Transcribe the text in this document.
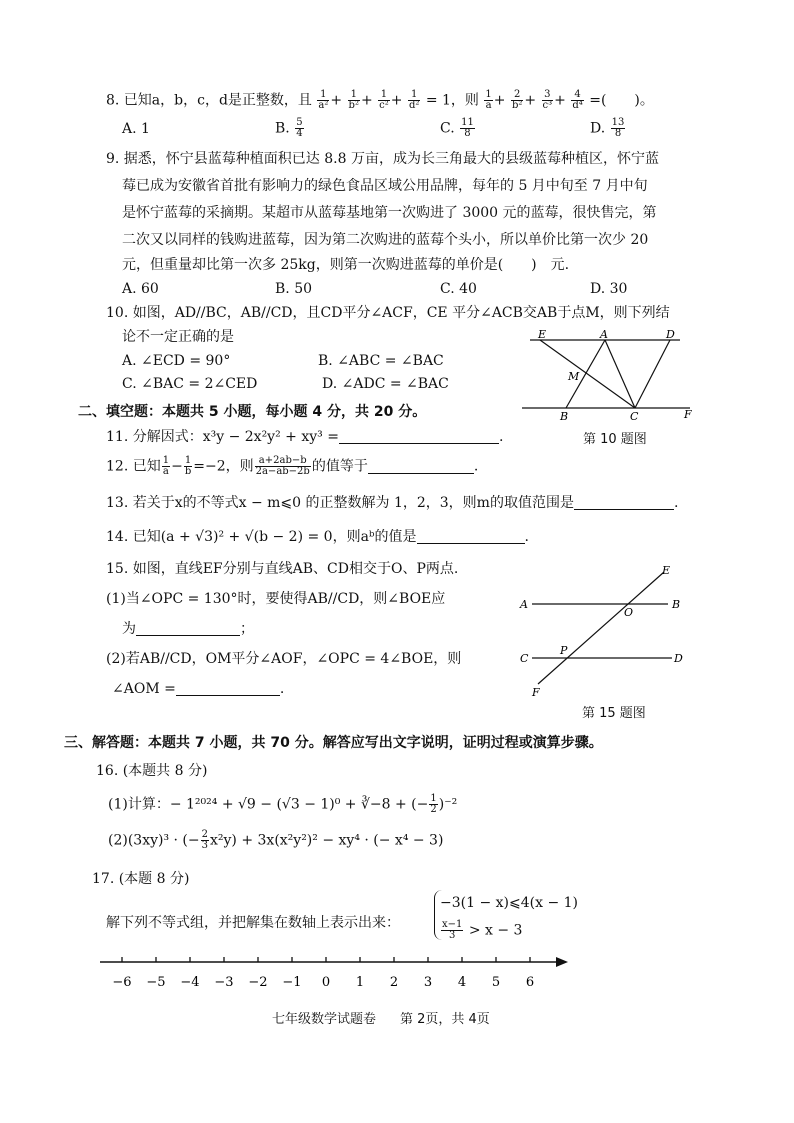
8. 已知a，b，c，d是正整数，且 $\frac{1}{\text{a²}} + \frac{1}{\text{b²}} + \frac{1}{\text{c²}} + \frac{1}{\text{d²}} = 1$，则 $\frac{1}{a} + \frac{2}{\text{b²}} + \frac{3}{\text{c³}} + \frac{4}{\text{d⁴}}$ =(　　)。
A. 1	B. $\frac{5}{4}$	C. $\frac{11}{8}$	D. $\frac{13}{8}$
9. 据悉，怀宁县蓝莓种植面积已达 8.8 万亩，成为长三角最大的县级蓝莓种植区，怀宁蓝
莓已成为安徽省首批有影响力的绿色食品区域公用品牌，每年的 5 月中旬至 7 月中旬
是怀宁蓝莓的采摘期。某超市从蓝莓基地第一次购进了 3000 元的蓝莓，很快售完，第
二次又以同样的钱购进蓝莓，因为第二次购进的蓝莓个头小，所以单价比第一次少 20
元，但重量却比第一次多 25kg，则第一次购进蓝莓的单价是(　　)　元.
A. 60	B. 50	C. 40	D. 30
10. 如图，AD//BC，AB//CD，且CD平分∠ACF，CE 平分∠ACB交AB于点M，则下列结
论不一定正确的是
A. ∠ECD = 90°	B. ∠ABC = ∠BAC
C. ∠BAC = 2∠CED	D. ∠ADC = ∠BAC
E	A	D
M
B	C	F
第 10 题图
二、填空题：本题共 5 小题，每小题 4 分，共 20 分。
11. 分解因式：x³y − 2x²y² + xy³ =	.
12. 已知 $\frac{1}{a} - \frac{1}{b} =-2$，则 $\frac{a+2ab-b}{2a-ab-2b}$ 的值等于	.
13. 若关于x的不等式x − m⩽0 的正整数解为 1，2，3，则m的取值范围是	.
14. 已知(a + √3)² + √(b − 2) = 0，则aᵇ的值是	.
15. 如图，直线EF分别与直线AB、CD相交于O、P两点.
(1)当∠OPC = 130°时，要使得AB//CD，则∠BOE应
为	；
(2)若AB//CD，OM平分∠AOF，∠OPC = 4∠BOE，则
∠AOM =	.
E
A
O
B
P
C	D
F
第 15 题图
三、解答题：本题共 7 小题，共 70 分。解答应写出文字说明，证明过程或演算步骤。
16. (本题共 8 分)
(1)计算：− 1²⁰²⁴ + √9 − (√3 − 1)⁰ + ∛−8 + (− $\frac{1}{2} )^{-2}$
(2)(3xy)³ · (− $\frac{2}{3} x^2y) + 3x(x^2y^2)^2 - xy^4$ · (− x⁴ − 3)
17. (本题 8 分)
解下列不等式组，并把解集在数轴上表示出来：
−3(1 − x)⩽4(x − 1)
$\frac{x-1}{3} > x - 3$
−6 −5 −4 −3 −2 −1 0 1 2 3 4 5 6
七年级数学试题卷 第 2页，共 4页
